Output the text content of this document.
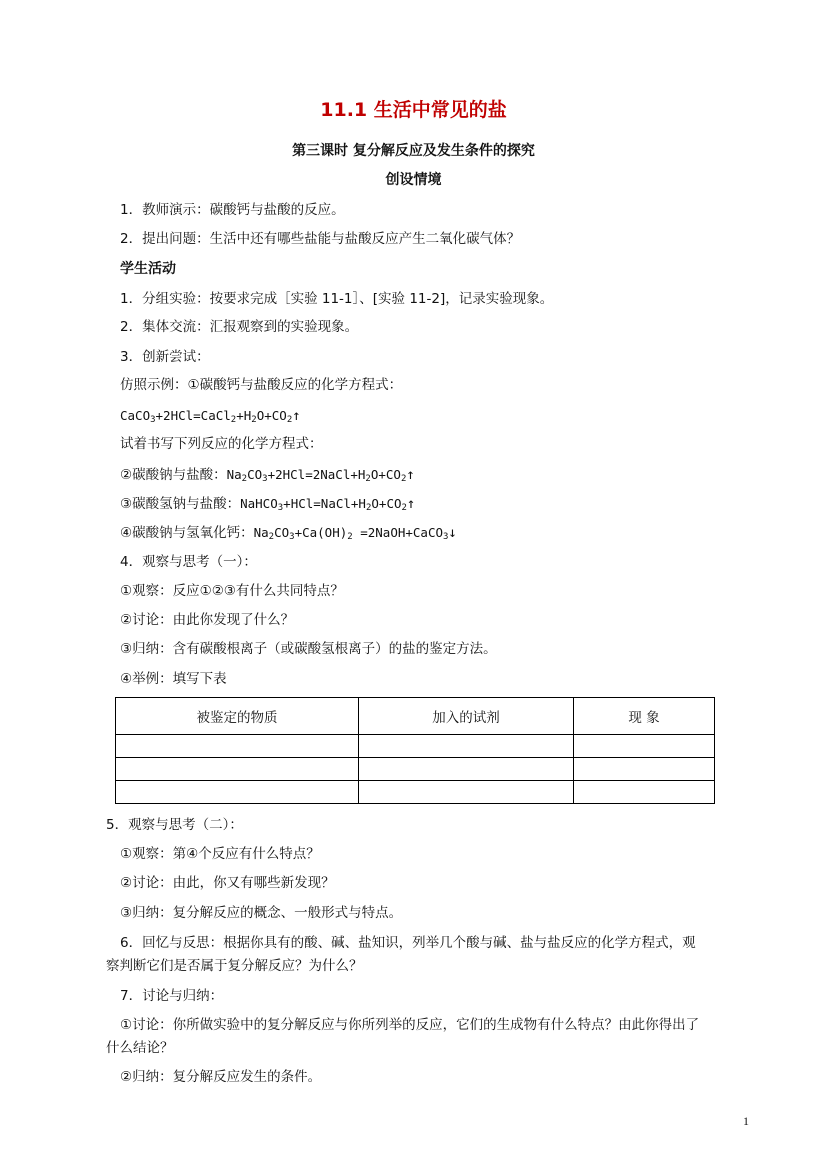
11.1 生活中常见的盐
第三课时 复分解反应及发生条件的探究
创设情境
1．教师演示：碳酸钙与盐酸的反应。
2．提出问题：生活中还有哪些盐能与盐酸反应产生二氧化碳气体？
学生活动
1．分组实验：按要求完成［实验 11-1］、[实验 11-2]，记录实验现象。
2．集体交流：汇报观察到的实验现象。
3．创新尝试：
仿照示例：①碳酸钙与盐酸反应的化学方程式：
$CaCO_3+2HCl=CaCl_2+H_2O+CO_2↑$
试着书写下列反应的化学方程式：
②碳酸钠与盐酸：$Na_2CO_3+2HCl=2NaCl+H_2O+CO_2↑$
③碳酸氢钠与盐酸：$NaHCO_3+HCl=NaCl+H_2O+CO_2↑$
④碳酸钠与氢氧化钙：$Na_2CO_3+Ca(OH)_2$ =2NaOH+CaCO$_3$↓
4．观察与思考（一）：
①观察：反应①②③有什么共同特点？
②讨论：由此你发现了什么？
③归纳：含有碳酸根离子（或碳酸氢根离子）的盐的鉴定方法。
④举例：填写下表
被鉴定的物质	加入的试剂	现 象

5．观察与思考（二）：
①观察：第④个反应有什么特点？
②讨论：由此，你又有哪些新发现？
③归纳：复分解反应的概念、一般形式与特点。
6．回忆与反思：根据你具有的酸、碱、盐知识，列举几个酸与碱、盐与盐反应的化学方程式，观
察判断它们是否属于复分解反应？为什么？
7．讨论与归纳：
①讨论：你所做实验中的复分解反应与你所列举的反应，它们的生成物有什么特点？由此你得出了
什么结论？
②归纳：复分解反应发生的条件。
1
